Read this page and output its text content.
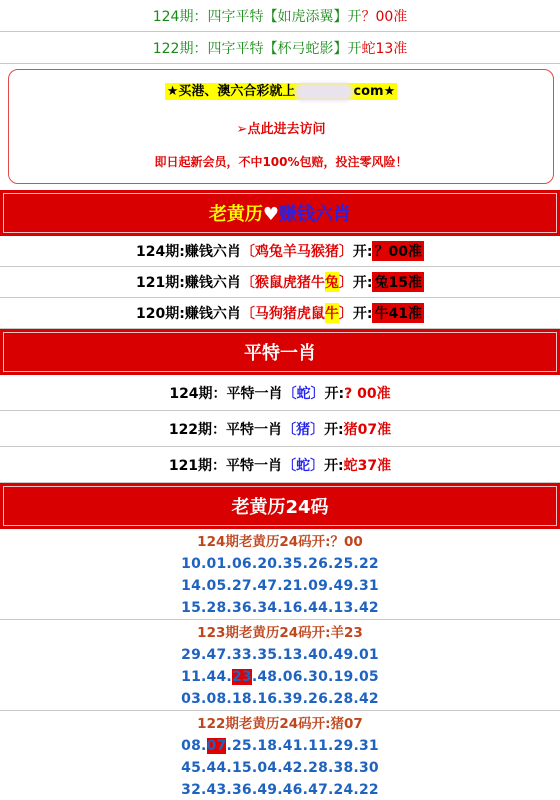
124期：四字平特【如虎添翼】开 ？00准
122期：四字平特【杯弓蛇影】开 蛇13准
★买港、澳六合彩就上	com★
➢点此进去访问
即日起新会员，不中100%包赔，投注零风险！
老黄历♥赚钱六肖
124期:赚钱六肖 〔 鸡兔羊马猴猪 〕 开: ？00准
121期:赚钱六肖 〔 猴鼠虎猪牛 兔 〕 开: 兔15准
120期:赚钱六肖 〔 马狗猪虎鼠 牛 〕 开: 牛41准
平特一肖
124期：平特一肖 〔 蛇 〕 开: ? 00准
122期：平特一肖 〔 猪 〕 开: 猪07准
121期：平特一肖 〔 蛇 〕 开: 蛇37准
老黄历24码
124期老黄历24码开:？00
10.01.06.20.35.26.25.22
14.05.27.47.21.09.49.31
15.28.36.34.16.44.13.42
123期老黄历24码开:羊23
29.47.33.35.13.40.49.01
11.44.23.48.06.30.19.05
03.08.18.16.39.26.28.42
122期老黄历24码开:猪07
08.07.25.18.41.11.29.31
45.44.15.04.42.28.38.30
32.43.36.49.46.47.24.22
